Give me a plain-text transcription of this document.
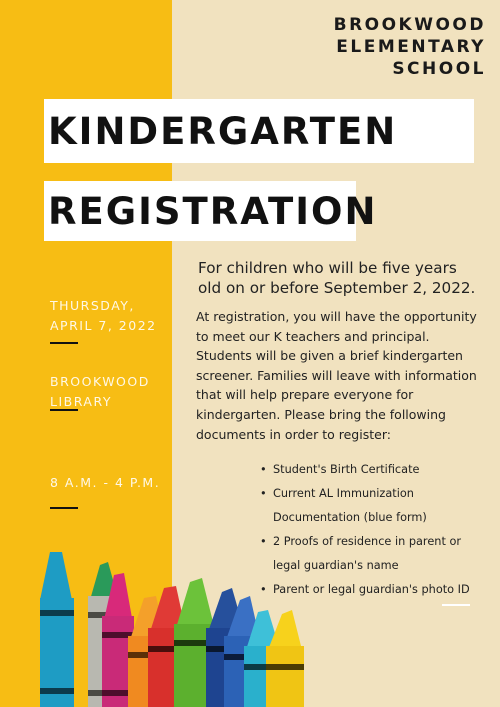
BROOKWOOD
ELEMENTARY
SCHOOL
KINDERGARTEN
REGISTRATION
THURSDAY,
APRIL 7, 2022
BROOKWOOD
LIBRARY
8 A.M. - 4 P.M.
For children who will be five years
old on or before September 2, 2022.
At registration, you will have the opportunity
to meet our K teachers and principal.
Students will be given a brief kindergarten
screener. Families will leave with information
that will help prepare everyone for
kindergarten. Please bring the following
documents in order to register:
• Student's Birth Certificate
• Current AL Immunization Documentation (blue form)
• 2 Proofs of residence in parent or legal guardian's name
• Parent or legal guardian's photo ID
